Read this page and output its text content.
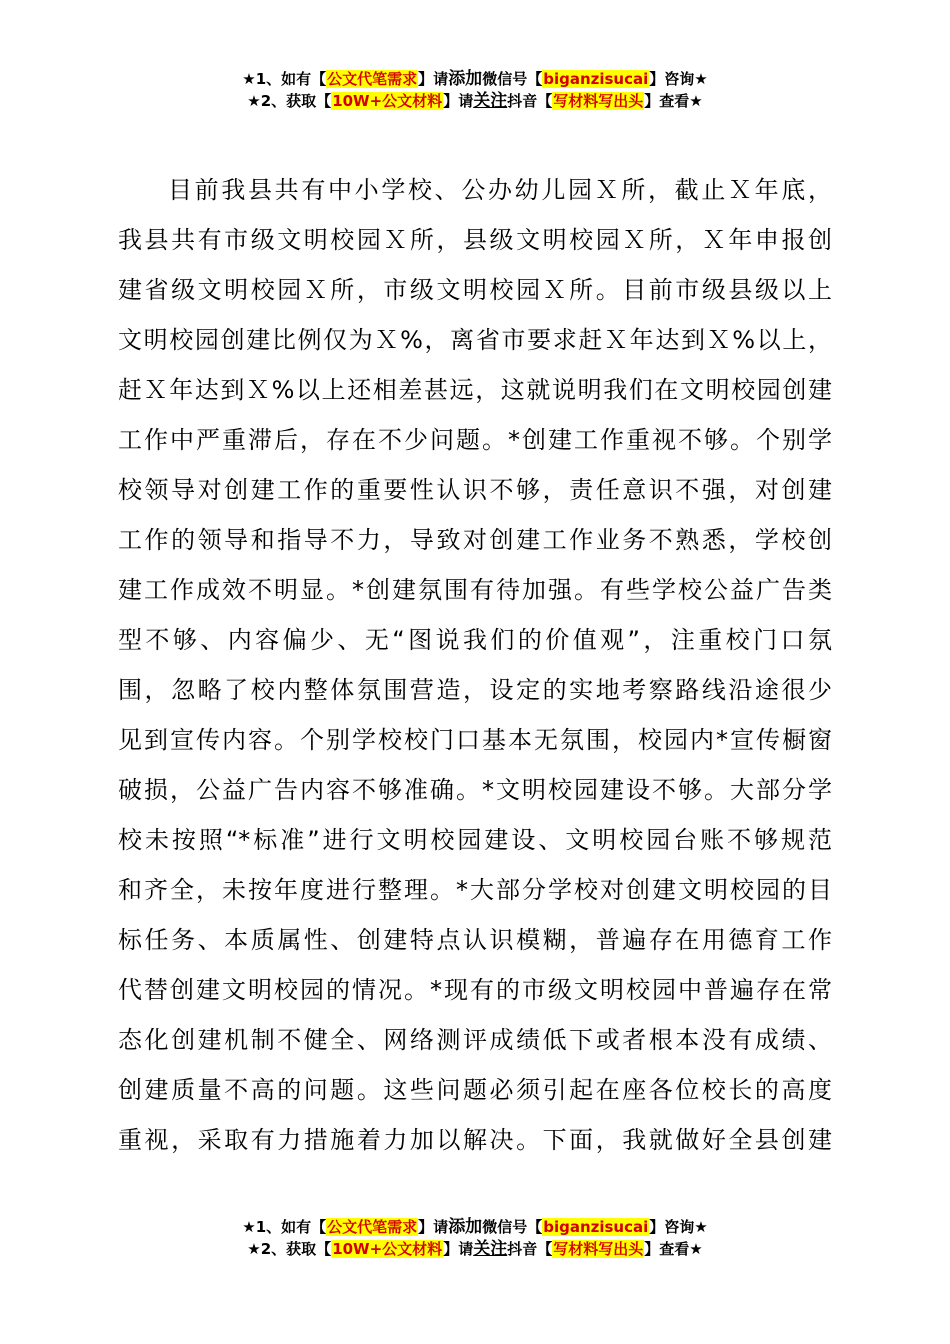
★1、如有【公文代笔需求】请添加微信号【biganzisucai】咨询★
★2、获取【10W+公文材料】请关注抖音【写材料写出头】查看★
目前我县共有中小学校、公办幼儿园Ｘ所，截止Ｘ年底，
我县共有市级文明校园Ｘ所，县级文明校园Ｘ所，Ｘ年申报创
建省级文明校园Ｘ所，市级文明校园Ｘ所。目前市级县级以上
文明校园创建比例仅为Ｘ%，离省市要求赶Ｘ年达到Ｘ%以上，
赶Ｘ年达到Ｘ%以上还相差甚远，这就说明我们在文明校园创建
工作中严重滞后，存在不少问题。*创建工作重视不够。个别学
校领导对创建工作的重要性认识不够，责任意识不强，对创建
工作的领导和指导不力，导致对创建工作业务不熟悉，学校创
建工作成效不明显。*创建氛围有待加强。有些学校公益广告类
型不够、内容偏少、无“图说我们的价值观”，注重校门口氛
围，忽略了校内整体氛围营造，设定的实地考察路线沿途很少
见到宣传内容。个别学校校门口基本无氛围，校园内*宣传橱窗
破损，公益广告内容不够准确。*文明校园建设不够。大部分学
校未按照“*标准”进行文明校园建设、文明校园台账不够规范
和齐全，未按年度进行整理。*大部分学校对创建文明校园的目
标任务、本质属性、创建特点认识模糊，普遍存在用德育工作
代替创建文明校园的情况。*现有的市级文明校园中普遍存在常
态化创建机制不健全、网络测评成绩低下或者根本没有成绩、
创建质量不高的问题。这些问题必须引起在座各位校长的高度
重视，采取有力措施着力加以解决。下面，我就做好全县创建
★1、如有【公文代笔需求】请添加微信号【biganzisucai】咨询★
★2、获取【10W+公文材料】请关注抖音【写材料写出头】查看★
